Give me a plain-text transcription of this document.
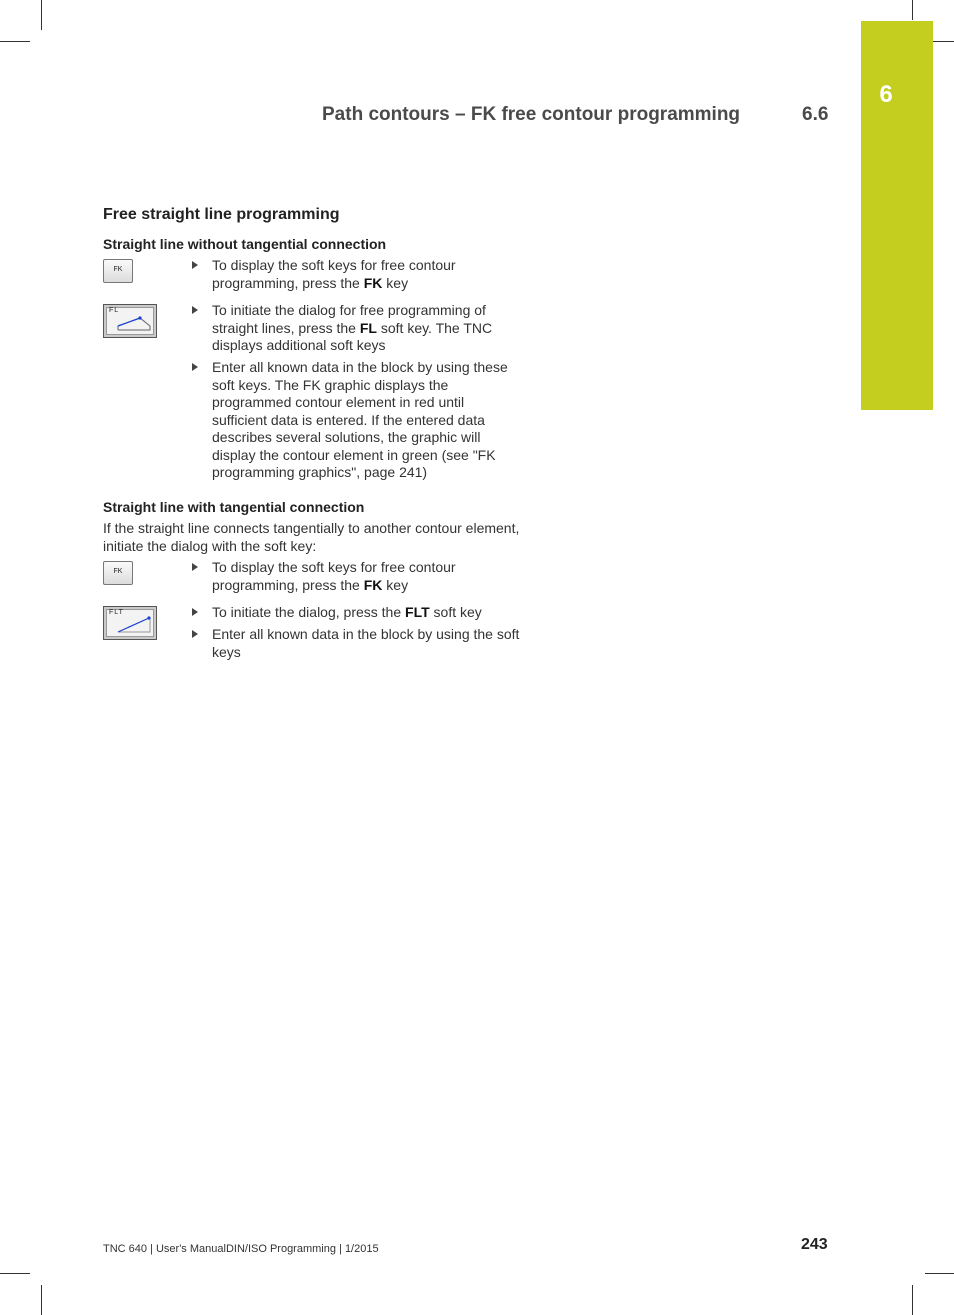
6
Path contours – FK free contour programming	6.6
Free straight line programming
Straight line without tangential connection
FK	To display the soft keys for free contour programming, press the FK key
FL	To initiate the dialog for free programming of straight lines, press the FL soft key. The TNC displays additional soft keys
Enter all known data in the block by using these soft keys. The FK graphic displays the programmed contour element in red until sufficient data is entered. If the entered data describes several solutions, the graphic will display the contour element in green (see "FK programming graphics", page 241)
Straight line with tangential connection
If the straight line connects tangentially to another contour element, initiate the dialog with the soft key:
FK	To display the soft keys for free contour programming, press the FK key
FLT	To initiate the dialog, press the FLT soft key
Enter all known data in the block by using the soft keys
TNC 640 | User's ManualDIN/ISO Programming | 1/2015	243
